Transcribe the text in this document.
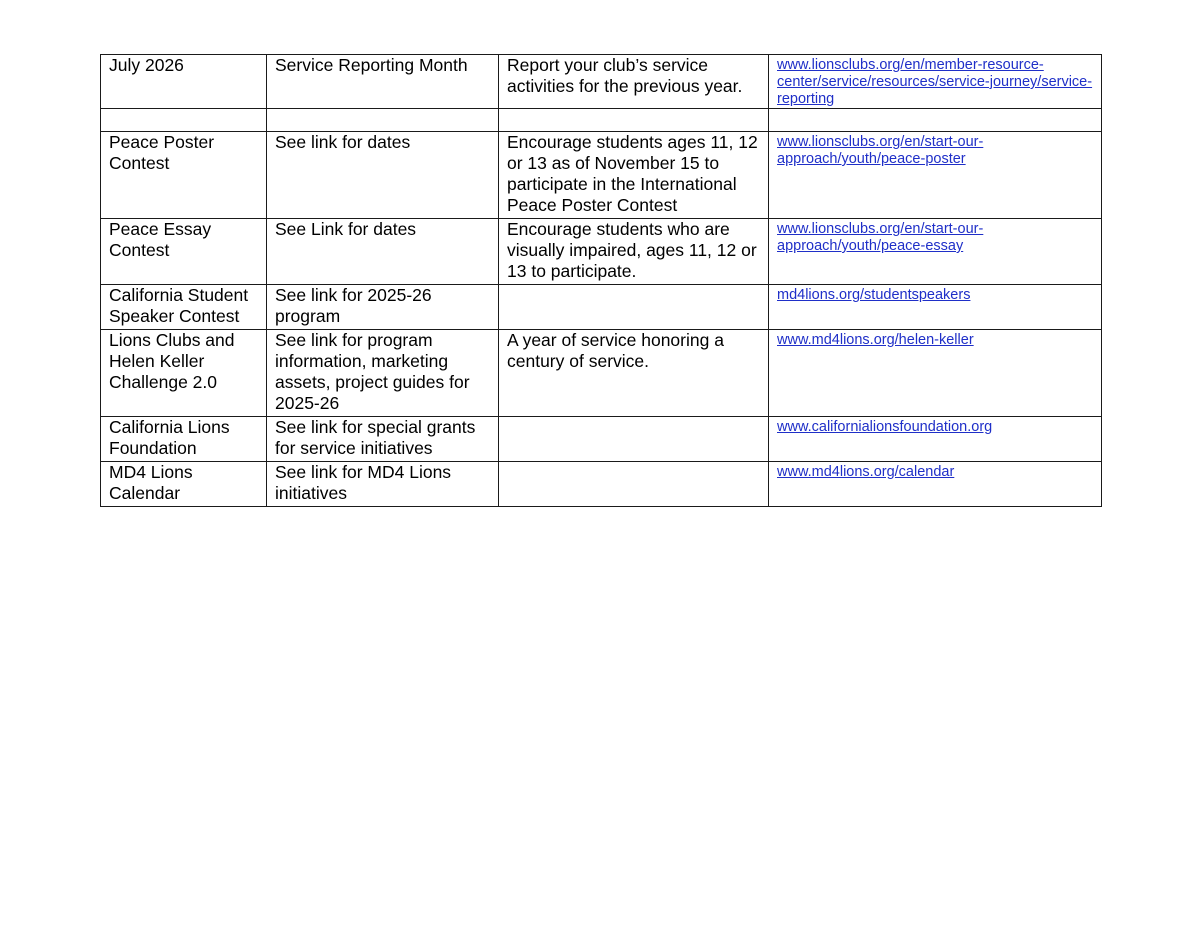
July 2026	Service Reporting Month	Report your club’s service activities for the previous year.	www.lionsclubs.org/en/member-resource-center/service/resources/service-journey/service-reporting

Peace Poster Contest	See link for dates	Encourage students ages 11, 12 or 13 as of November 15 to participate in the International Peace Poster Contest	www.lionsclubs.org/en/start-our-approach/youth/peace-poster
Peace Essay Contest	See Link for dates	Encourage students who are visually impaired, ages 11, 12 or 13 to participate.	www.lionsclubs.org/en/start-our-approach/youth/peace-essay
California Student Speaker Contest	See link for 2025-26 program		md4lions.org/studentspeakers
Lions Clubs and Helen Keller Challenge 2.0	See link for program information, marketing assets, project guides for 2025-26	A year of service honoring a century of service.	www.md4lions.org/helen-keller
California Lions Foundation	See link for special grants for service initiatives		www.californialionsfoundation.org
MD4 Lions Calendar	See link for MD4 Lions initiatives		www.md4lions.org/calendar
